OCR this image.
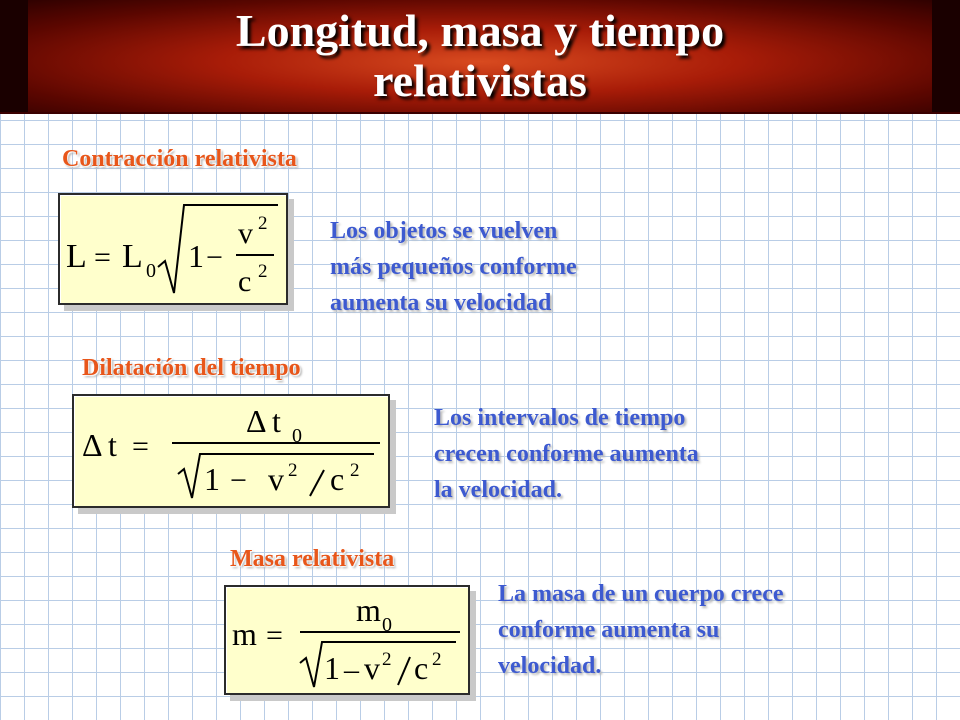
Longitud, masa y tiempo
relativistas
Contracción relativista
L = L 0 1 −
v 2
c 2
Los objetos se vuelven
más pequeños conforme
aumenta su velocidad
Dilatación del tiempo
Δ t =
Δ t 0
1 − v 2 c 2
Los intervalos de tiempo
crecen conforme aumenta
la velocidad.
Masa relativista
m =
m 0
1 – v 2 c 2
La masa de un cuerpo crece
conforme aumenta su
velocidad.
